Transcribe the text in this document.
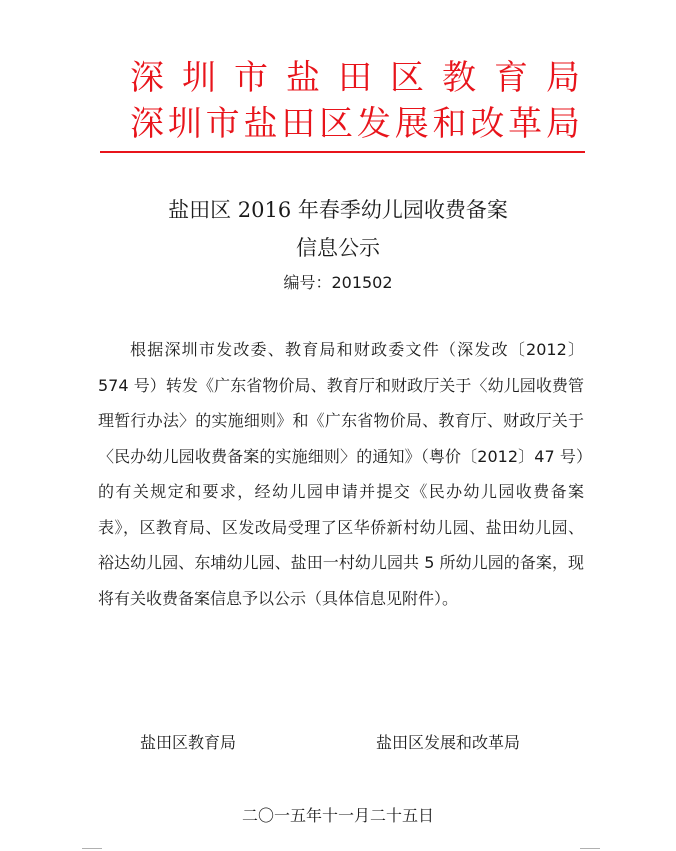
深 圳 市 盐 田 区 教 育 局
深圳市盐田区发展和改革局
盐田区 2016 年春季幼儿园收费备案
信息公示
编号：201502
根据深圳市发改委、教育局和财政委文件（深发改〔2012〕574 号）转发《广东省物价局、教育厅和财政厅关于〈幼儿园收费管理暂行办法〉的实施细则》和《广东省物价局、教育厅、财政厅关于〈民办幼儿园收费备案的实施细则〉的通知》（粤价〔2012〕47 号）的有关规定和要求，经幼儿园申请并提交《民办幼儿园收费备案表》，区教育局、区发改局受理了区华侨新村幼儿园、盐田幼儿园、裕达幼儿园、东埔幼儿园、盐田一村幼儿园共 5 所幼儿园的备案，现将有关收费备案信息予以公示（具体信息见附件）。
盐田区教育局	盐田区发展和改革局
二〇一五年十一月二十五日
